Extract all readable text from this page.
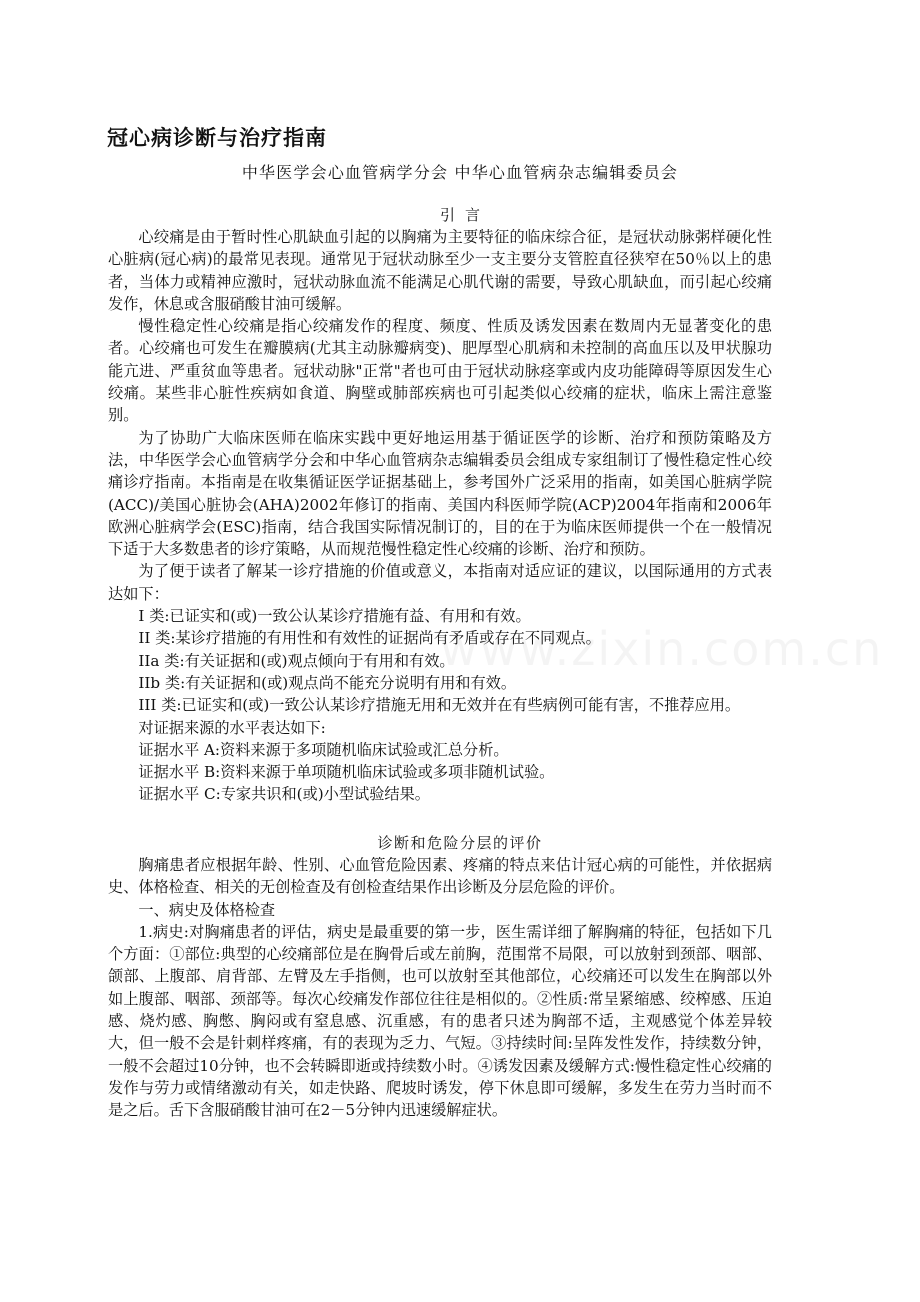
冠心病诊断与治疗指南
中华医学会心血管病学分会 中华心血管病杂志编辑委员会
引言

心绞痛是由于暂时性心肌缺血引起的以胸痛为主要特征的临床综合征，是冠状动脉粥样硬化性心脏病(冠心病)的最常见表现。通常见于冠状动脉至少一支主要分支管腔直径狭窄在50％以上的患者，当体力或精神应激时，冠状动脉血流不能满足心肌代谢的需要，导致心肌缺血，而引起心绞痛发作，休息或含服硝酸甘油可缓解。

慢性稳定性心绞痛是指心绞痛发作的程度、频度、性质及诱发因素在数周内无显著变化的患者。心绞痛也可发生在瓣膜病(尤其主动脉瓣病变)、肥厚型心肌病和未控制的高血压以及甲状腺功能亢进、严重贫血等患者。冠状动脉"正常"者也可由于冠状动脉痉挛或内皮功能障碍等原因发生心绞痛。某些非心脏性疾病如食道、胸壁或肺部疾病也可引起类似心绞痛的症状，临床上需注意鉴别。

为了协助广大临床医师在临床实践中更好地运用基于循证医学的诊断、治疗和预防策略及方法，中华医学会心血管病学分会和中华心血管病杂志编辑委员会组成专家组制订了慢性稳定性心绞痛诊疗指南。本指南是在收集循证医学证据基础上，参考国外广泛采用的指南，如美国心脏病学院(ACC)/美国心脏协会(AHA)2002年修订的指南、美国内科医师学院(ACP)2004年指南和2006年欧洲心脏病学会(ESC)指南，结合我国实际情况制订的，目的在于为临床医师提供一个在一般情况下适于大多数患者的诊疗策略，从而规范慢性稳定性心绞痛的诊断、治疗和预防。

为了便于读者了解某一诊疗措施的价值或意义，本指南对适应证的建议，以国际通用的方式表达如下：

I 类:已证实和(或)一致公认某诊疗措施有益、有用和有效。

II 类:某诊疗措施的有用性和有效性的证据尚有矛盾或存在不同观点。

IIa 类:有关证据和(或)观点倾向于有用和有效。

IIb 类:有关证据和(或)观点尚不能充分说明有用和有效。

III 类:已证实和(或)一致公认某诊疗措施无用和无效并在有些病例可能有害，不推荐应用。

对证据来源的水平表达如下:

证据水平 A:资料来源于多项随机临床试验或汇总分析。

证据水平 B:资料来源于单项随机临床试验或多项非随机试验。

证据水平 C:专家共识和(或)小型试验结果。

诊断和危险分层的评价

胸痛患者应根据年龄、性别、心血管危险因素、疼痛的特点来估计冠心病的可能性，并依据病史、体格检查、相关的无创检查及有创检查结果作出诊断及分层危险的评价。

一、病史及体格检查

1.病史:对胸痛患者的评估，病史是最重要的第一步，医生需详细了解胸痛的特征，包括如下几个方面：①部位:典型的心绞痛部位是在胸骨后或左前胸，范围常不局限，可以放射到颈部、咽部、颌部、上腹部、肩背部、左臂及左手指侧，也可以放射至其他部位，心绞痛还可以发生在胸部以外如上腹部、咽部、颈部等。每次心绞痛发作部位往往是相似的。②性质:常呈紧缩感、绞榨感、压迫感、烧灼感、胸憋、胸闷或有窒息感、沉重感，有的患者只述为胸部不适，主观感觉个体差异较大，但一般不会是针刺样疼痛，有的表现为乏力、气短。③持续时间:呈阵发性发作，持续数分钟，一般不会超过10分钟，也不会转瞬即逝或持续数小时。④诱发因素及缓解方式:慢性稳定性心绞痛的发作与劳力或情绪激动有关，如走快路、爬坡时诱发，停下休息即可缓解，多发生在劳力当时而不是之后。舌下含服硝酸甘油可在2－5分钟内迅速缓解症状。
